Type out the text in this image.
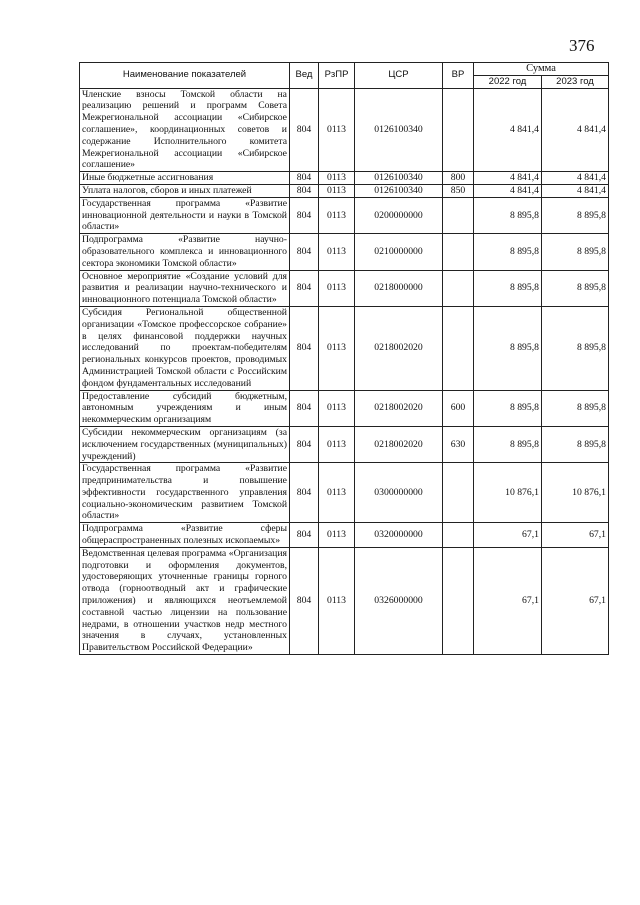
376
Наименование показателей	Вед	РзПР	ЦСР	ВР	Сумма	
					2022 год	2023 год
Членские взносы Томской области на реализацию решений и программ Совета Межрегиональной ассоциации «Сибирское соглашение», координационных советов и содержание Исполнительного комитета Межрегиональной ассоциации «Сибирское соглашение»	804	0113	0126100340		4 841,4	4 841,4
Иные бюджетные ассигнования	804	0113	0126100340	800	4 841,4	4 841,4
Уплата налогов, сборов и иных платежей	804	0113	0126100340	850	4 841,4	4 841,4
Государственная программа «Развитие инновационной деятельности и науки в Томской области»	804	0113	0200000000		8 895,8	8 895,8
Подпрограмма «Развитие научно-образовательного комплекса и инновационного сектора экономики Томской области»	804	0113	0210000000		8 895,8	8 895,8
Основное мероприятие «Создание условий для развития и реализации научно-технического и инновационного потенциала Томской области»	804	0113	0218000000		8 895,8	8 895,8
Субсидия Региональной общественной организации «Томское профессорское собрание» в целях финансовой поддержки научных исследований по проектам-победителям региональных конкурсов проектов, проводимых Администрацией Томской области с Российским фондом фундаментальных исследований	804	0113	0218002020		8 895,8	8 895,8
Предоставление субсидий бюджетным, автономным учреждениям и иным некоммерческим организациям	804	0113	0218002020	600	8 895,8	8 895,8
Субсидии некоммерческим организациям (за исключением государственных (муниципальных) учреждений)	804	0113	0218002020	630	8 895,8	8 895,8
Государственная программа «Развитие предпринимательства и повышение эффективности государственного управления социально-экономическим развитием Томской области»	804	0113	0300000000		10 876,1	10 876,1
Подпрограмма «Развитие сферы общераспространенных полезных ископаемых»	804	0113	0320000000		67,1	67,1
Ведомственная целевая программа «Организация подготовки и оформления документов, удостоверяющих уточненные границы горного отвода (горноотводный акт и графические приложения) и являющихся неотъемлемой составной частью лицензии на пользование недрами, в отношении участков недр местного значения в случаях, установленных Правительством Российской Федерации»	804	0113	0326000000		67,1	67,1
